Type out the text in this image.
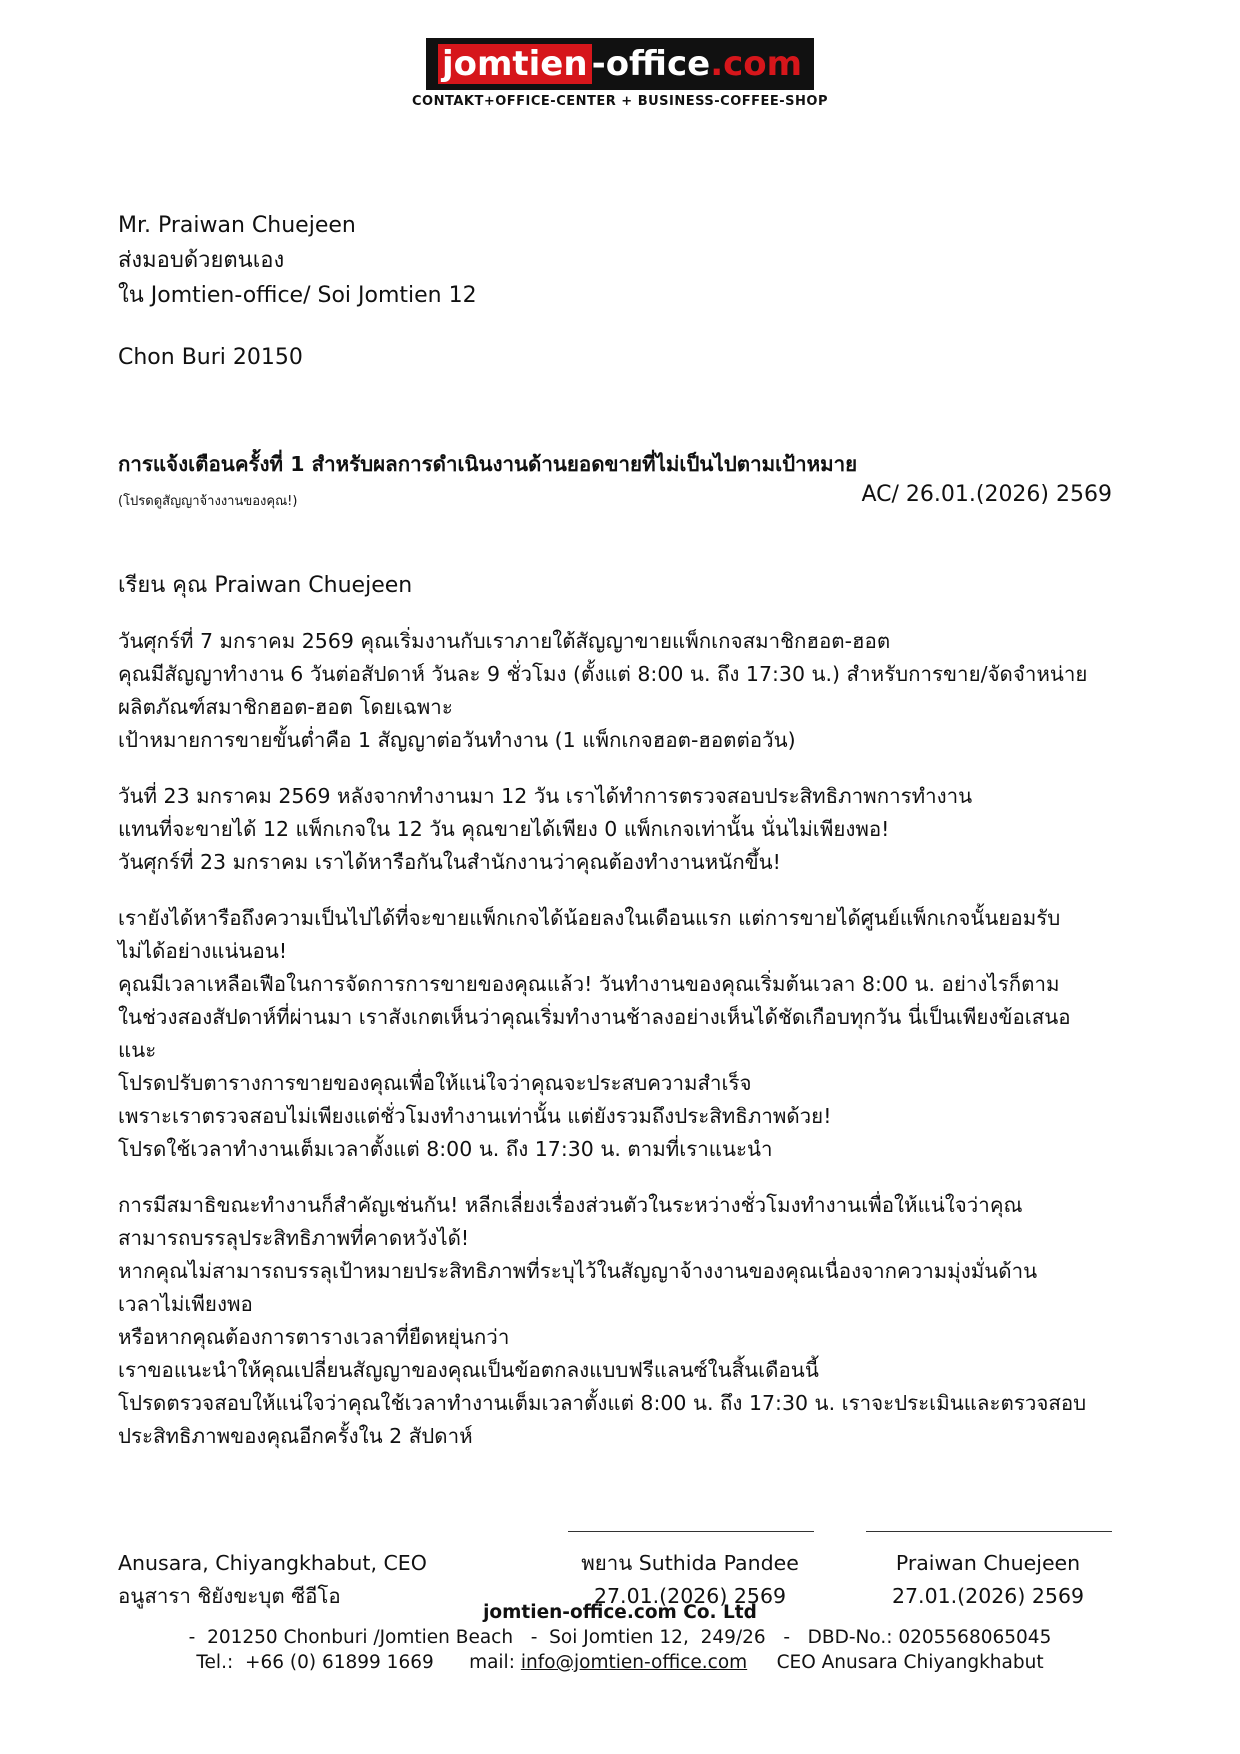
jomtien -office.com
CONTAKT+OFFICE-CENTER + BUSINESS-COFFEE-SHOP
Mr. Praiwan Chuejeen
ส่งมอบด้วยตนเอง
ใน Jomtien-office/ Soi Jomtien 12
Chon Buri 20150
การแจ้งเตือนครั้งที่ 1 สำหรับผลการดำเนินงานด้านยอดขายที่ไม่เป็นไปตามเป้าหมาย
(โปรดดูสัญญาจ้างงานของคุณ!)	AC/ 26.01.(2026) 2569
เรียน คุณ Praiwan Chuejeen

วันศุกร์ที่ 7 มกราคม 2569 คุณเริ่มงานกับเราภายใต้สัญญาขายแพ็กเกจสมาชิกฮอต-ฮอต
คุณมีสัญญาทำงาน 6 วันต่อสัปดาห์ วันละ 9 ชั่วโมง (ตั้งแต่ 8:00 น. ถึง 17:30 น.) สำหรับการขาย/จัดจำหน่าย
ผลิตภัณฑ์สมาชิกฮอต-ฮอต โดยเฉพาะ
เป้าหมายการขายขั้นต่ำคือ 1 สัญญาต่อวันทำงาน (1 แพ็กเกจฮอต-ฮอตต่อวัน)

วันที่ 23 มกราคม 2569 หลังจากทำงานมา 12 วัน เราได้ทำการตรวจสอบประสิทธิภาพการทำงาน
แทนที่จะขายได้ 12 แพ็กเกจใน 12 วัน คุณขายได้เพียง 0 แพ็กเกจเท่านั้น นั่นไม่เพียงพอ!
วันศุกร์ที่ 23 มกราคม เราได้หารือกันในสำนักงานว่าคุณต้องทำงานหนักขึ้น!

เรายังได้หารือถึงความเป็นไปได้ที่จะขายแพ็กเกจได้น้อยลงในเดือนแรก แต่การขายได้ศูนย์แพ็กเกจนั้นยอมรับ
ไม่ได้อย่างแน่นอน!
คุณมีเวลาเหลือเฟือในการจัดการการขายของคุณแล้ว! วันทำงานของคุณเริ่มต้นเวลา 8:00 น. อย่างไรก็ตาม
ในช่วงสองสัปดาห์ที่ผ่านมา เราสังเกตเห็นว่าคุณเริ่มทำงานช้าลงอย่างเห็นได้ชัดเกือบทุกวัน นี่เป็นเพียงข้อเสนอ
แนะ
โปรดปรับตารางการขายของคุณเพื่อให้แน่ใจว่าคุณจะประสบความสำเร็จ
เพราะเราตรวจสอบไม่เพียงแต่ชั่วโมงทำงานเท่านั้น แต่ยังรวมถึงประสิทธิภาพด้วย!
โปรดใช้เวลาทำงานเต็มเวลาตั้งแต่ 8:00 น. ถึง 17:30 น. ตามที่เราแนะนำ

การมีสมาธิขณะทำงานก็สำคัญเช่นกัน! หลีกเลี่ยงเรื่องส่วนตัวในระหว่างชั่วโมงทำงานเพื่อให้แน่ใจว่าคุณ
สามารถบรรลุประสิทธิภาพที่คาดหวังได้!
หากคุณไม่สามารถบรรลุเป้าหมายประสิทธิภาพที่ระบุไว้ในสัญญาจ้างงานของคุณเนื่องจากความมุ่งมั่นด้าน
เวลาไม่เพียงพอ
หรือหากคุณต้องการตารางเวลาที่ยืดหยุ่นกว่า
เราขอแนะนำให้คุณเปลี่ยนสัญญาของคุณเป็นข้อตกลงแบบฟรีแลนซ์ในสิ้นเดือนนี้
โปรดตรวจสอบให้แน่ใจว่าคุณใช้เวลาทำงานเต็มเวลาตั้งแต่ 8:00 น. ถึง 17:30 น. เราจะประเมินและตรวจสอบ
ประสิทธิภาพของคุณอีกครั้งใน 2 สัปดาห์

Anusara, Chiyangkhabut, CEO
อนูสารา ชิยังขะบุต ซีอีโอ
พยาน Suthida Pandee
27.01.(2026) 2569
Praiwan Chuejeen
27.01.(2026) 2569
jomtien-office.com Co. Ltd
-  201250 Chonburi /Jomtien Beach   -  Soi Jomtien 12,  249/26   -   DBD-No.: 0205568065045
Tel.:  +66 (0) 61899 1669 mail: info@jomtien-office.com CEO Anusara Chiyangkhabut
